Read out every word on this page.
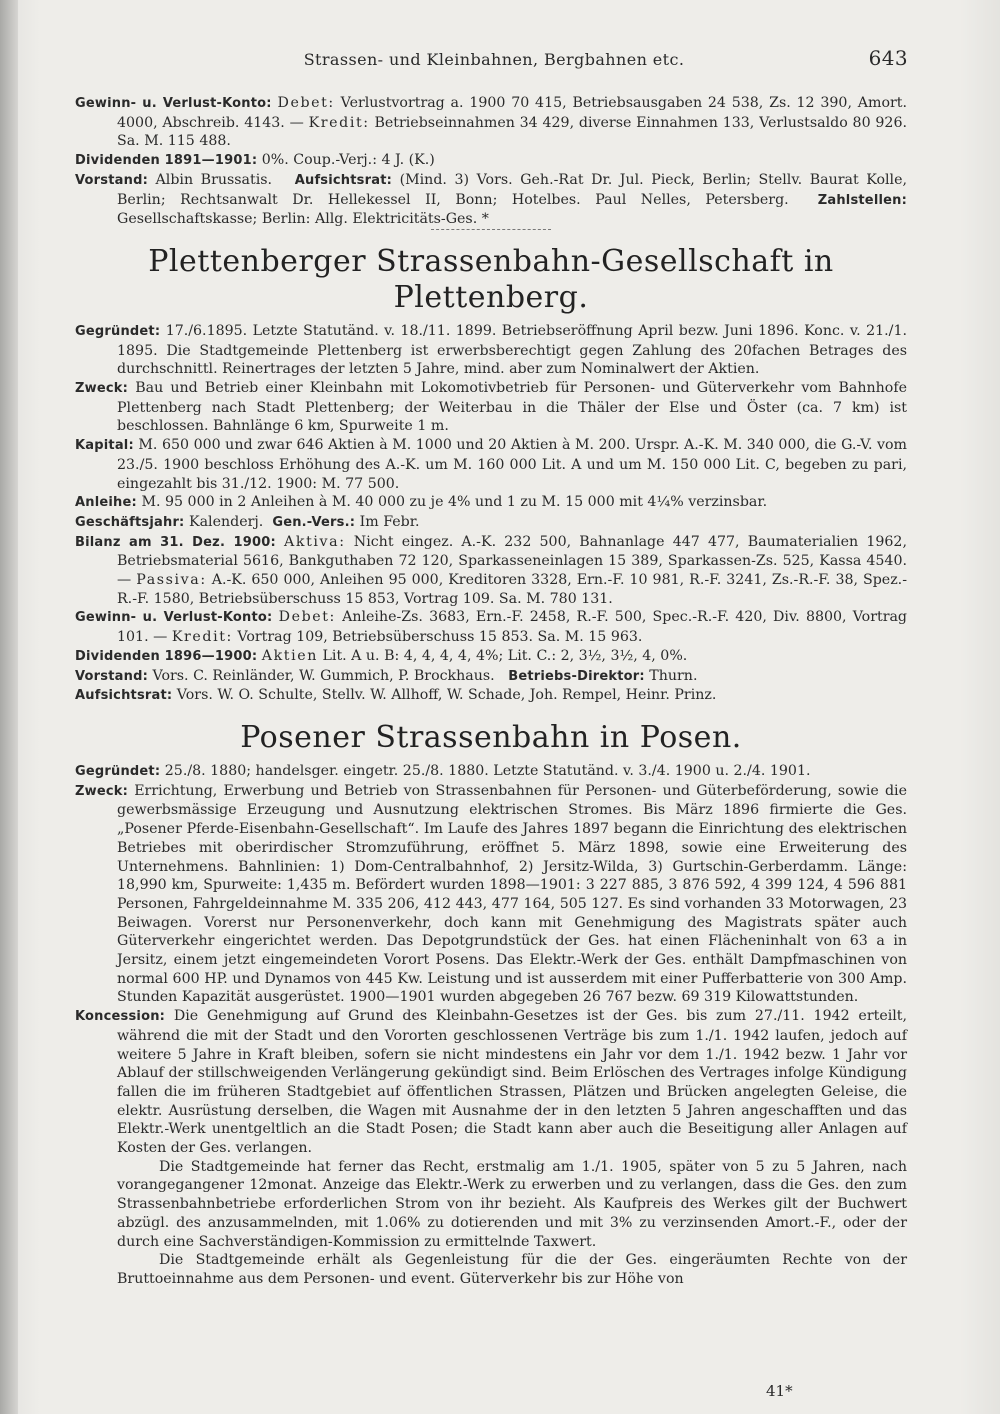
Strassen- und Kleinbahnen, Bergbahnen etc.	643

Gewinn- u. Verlust-Konto: Debet: Verlustvortrag a. 1900 70 415, Betriebsausgaben 24 538, Zs. 12 390, Amort. 4000, Abschreib. 4143. — Kredit: Betriebseinnahmen 34 429, diverse Einnahmen 133, Verlustsaldo 80 926. Sa. M. 115 488.

Dividenden 1891—1901: 0%. Coup.-Verj.: 4 J. (K.)

Vorstand: Albin Brussatis. Aufsichtsrat: (Mind. 3) Vors. Geh.-Rat Dr. Jul. Pieck, Berlin; Stellv. Baurat Kolle, Berlin; Rechtsanwalt Dr. Hellekessel II, Bonn; Hotelbes. Paul Nelles, Petersberg. Zahlstellen: Gesellschaftskasse; Berlin: Allg. Elektricitäts-Ges. *

Plettenberger Strassenbahn-Gesellschaft in Plettenberg.

Gegründet: 17./6.1895. Letzte Statutänd. v. 18./11. 1899. Betriebseröffnung April bezw. Juni 1896. Konc. v. 21./1. 1895. Die Stadtgemeinde Plettenberg ist erwerbsberechtigt gegen Zahlung des 20fachen Betrages des durchschnittl. Reinertrages der letzten 5 Jahre, mind. aber zum Nominalwert der Aktien.

Zweck: Bau und Betrieb einer Kleinbahn mit Lokomotivbetrieb für Personen- und Güterverkehr vom Bahnhofe Plettenberg nach Stadt Plettenberg; der Weiterbau in die Thäler der Else und Öster (ca. 7 km) ist beschlossen. Bahnlänge 6 km, Spurweite 1 m.

Kapital: M. 650 000 und zwar 646 Aktien à M. 1000 und 20 Aktien à M. 200. Urspr. A.-K. M. 340 000, die G.-V. vom 23./5. 1900 beschloss Erhöhung des A.-K. um M. 160 000 Lit. A und um M. 150 000 Lit. C, begeben zu pari, eingezahlt bis 31./12. 1900: M. 77 500.

Anleihe: M. 95 000 in 2 Anleihen à M. 40 000 zu je 4% und 1 zu M. 15 000 mit 4¼% verzinsbar.

Geschäftsjahr: Kalenderj. Gen.-Vers.: Im Febr.

Bilanz am 31. Dez. 1900: Aktiva: Nicht eingez. A.-K. 232 500, Bahnanlage 447 477, Baumaterialien 1962, Betriebsmaterial 5616, Bankguthaben 72 120, Sparkasseneinlagen 15 389, Sparkassen-Zs. 525, Kassa 4540. — Passiva: A.-K. 650 000, Anleihen 95 000, Kreditoren 3328, Ern.-F. 10 981, R.-F. 3241, Zs.-R.-F. 38, Spez.-R.-F. 1580, Betriebsüberschuss 15 853, Vortrag 109. Sa. M. 780 131.

Gewinn- u. Verlust-Konto: Debet: Anleihe-Zs. 3683, Ern.-F. 2458, R.-F. 500, Spec.-R.-F. 420, Div. 8800, Vortrag 101. — Kredit: Vortrag 109, Betriebsüberschuss 15 853. Sa. M. 15 963.

Dividenden 1896—1900: Aktien Lit. A u. B: 4, 4, 4, 4, 4%; Lit. C.: 2, 3½, 3½, 4, 0%.

Vorstand: Vors. C. Reinländer, W. Gummich, P. Brockhaus. Betriebs-Direktor: Thurn.

Aufsichtsrat: Vors. W. O. Schulte, Stellv. W. Allhoff, W. Schade, Joh. Rempel, Heinr. Prinz.

Posener Strassenbahn in Posen.

Gegründet: 25./8. 1880; handelsger. eingetr. 25./8. 1880. Letzte Statutänd. v. 3./4. 1900 u. 2./4. 1901.

Zweck: Errichtung, Erwerbung und Betrieb von Strassenbahnen für Personen- und Güterbeförderung, sowie die gewerbsmässige Erzeugung und Ausnutzung elektrischen Stromes. Bis März 1896 firmierte die Ges. „Posener Pferde-Eisenbahn-Gesellschaft“. Im Laufe des Jahres 1897 begann die Einrichtung des elektrischen Betriebes mit oberirdischer Stromzuführung, eröffnet 5. März 1898, sowie eine Erweiterung des Unternehmens. Bahnlinien: 1) Dom-Centralbahnhof, 2) Jersitz-Wilda, 3) Gurtschin-Gerberdamm. Länge: 18,990 km, Spurweite: 1,435 m. Befördert wurden 1898—1901: 3 227 885, 3 876 592, 4 399 124, 4 596 881 Personen, Fahrgeldeinnahme M. 335 206, 412 443, 477 164, 505 127. Es sind vorhanden 33 Motorwagen, 23 Beiwagen. Vorerst nur Personenverkehr, doch kann mit Genehmigung des Magistrats später auch Güterverkehr eingerichtet werden. Das Depotgrundstück der Ges. hat einen Flächeninhalt von 63 a in Jersitz, einem jetzt eingemeindeten Vorort Posens. Das Elektr.-Werk der Ges. enthält Dampfmaschinen von normal 600 HP. und Dynamos von 445 Kw. Leistung und ist ausserdem mit einer Pufferbatterie von 300 Amp. Stunden Kapazität ausgerüstet. 1900—1901 wurden abgegeben 26 767 bezw. 69 319 Kilowattstunden.

Koncession: Die Genehmigung auf Grund des Kleinbahn-Gesetzes ist der Ges. bis zum 27./11. 1942 erteilt, während die mit der Stadt und den Vororten geschlossenen Verträge bis zum 1./1. 1942 laufen, jedoch auf weitere 5 Jahre in Kraft bleiben, sofern sie nicht mindestens ein Jahr vor dem 1./1. 1942 bezw. 1 Jahr vor Ablauf der stillschweigenden Verlängerung gekündigt sind. Beim Erlöschen des Vertrages infolge Kündigung fallen die im früheren Stadtgebiet auf öffentlichen Strassen, Plätzen und Brücken angelegten Geleise, die elektr. Ausrüstung derselben, die Wagen mit Ausnahme der in den letzten 5 Jahren angeschafften und das Elektr.-Werk unentgeltlich an die Stadt Posen; die Stadt kann aber auch die Beseitigung aller Anlagen auf Kosten der Ges. verlangen.

Die Stadtgemeinde hat ferner das Recht, erstmalig am 1./1. 1905, später von 5 zu 5 Jahren, nach vorangegangener 12monat. Anzeige das Elektr.-Werk zu erwerben und zu verlangen, dass die Ges. den zum Strassenbahnbetriebe erforderlichen Strom von ihr bezieht. Als Kaufpreis des Werkes gilt der Buchwert abzügl. des anzusammelnden, mit 1.06% zu dotierenden und mit 3% zu verzinsenden Amort.-F., oder der durch eine Sachverständigen-Kommission zu ermittelnde Taxwert.

Die Stadtgemeinde erhält als Gegenleistung für die der Ges. eingeräumten Rechte von der Bruttoeinnahme aus dem Personen- und event. Güterverkehr bis zur Höhe von

41*
